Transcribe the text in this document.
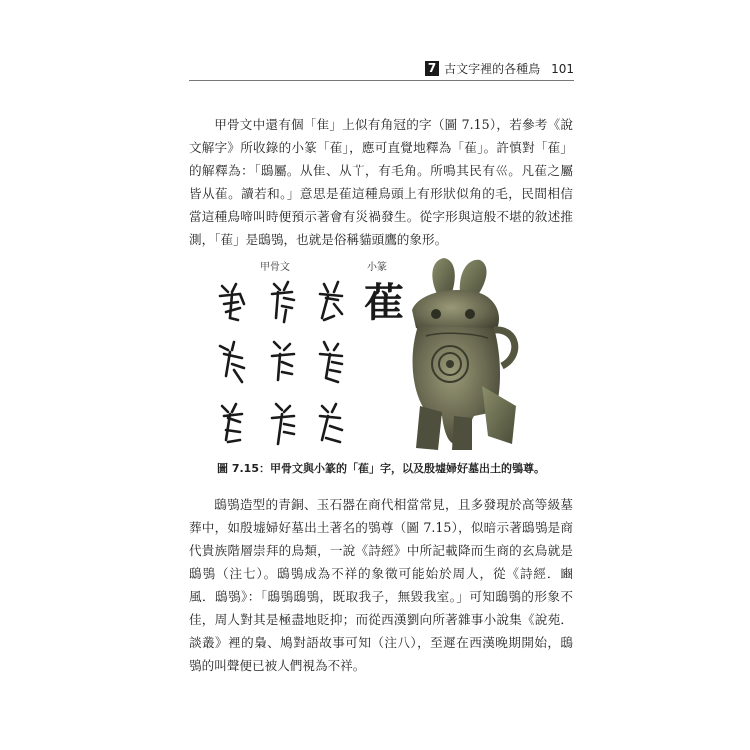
7 古文字裡的各種鳥 101

甲骨文中還有個「隹」上似有角冠的字（圖 7.15），若參考《說文解字》所收錄的小篆「萑」，應可直覺地釋為「萑」。許慎對「萑」的解釋為：「鴟屬。从隹、从𦫳，有毛角。所鳴其民有𡿧。凡萑之屬皆从萑。讀若和。」意思是萑這種鳥頭上有形狀似角的毛，民間相信當這種鳥啼叫時便預示著會有災禍發生。從字形與這般不堪的敘述推測，「萑」是鴟鴞，也就是俗稱貓頭鷹的象形。

甲骨文	小篆
萑
圖 7.15：甲骨文與小篆的「萑」字，以及殷墟婦好墓出土的鴞尊。

鴟鴞造型的青銅、玉石器在商代相當常見，且多發現於高等級墓葬中，如殷墟婦好墓出土著名的鴞尊（圖 7.15），似暗示著鴟鴞是商代貴族階層崇拜的鳥類，一說《詩經》中所記載降而生商的玄鳥就是鴟鴞（注七）。鴟鴞成為不祥的象徵可能始於周人，從《詩經．豳風．鴟鴞》：「鴟鴞鴟鴞，既取我子，無毀我室。」可知鴟鴞的形象不佳，周人對其是極盡地貶抑；而從西漢劉向所著雜事小說集《說苑．談叢》裡的梟、鳩對語故事可知（注八），至遲在西漢晚期開始，鴟鴞的叫聲便已被人們視為不祥。
